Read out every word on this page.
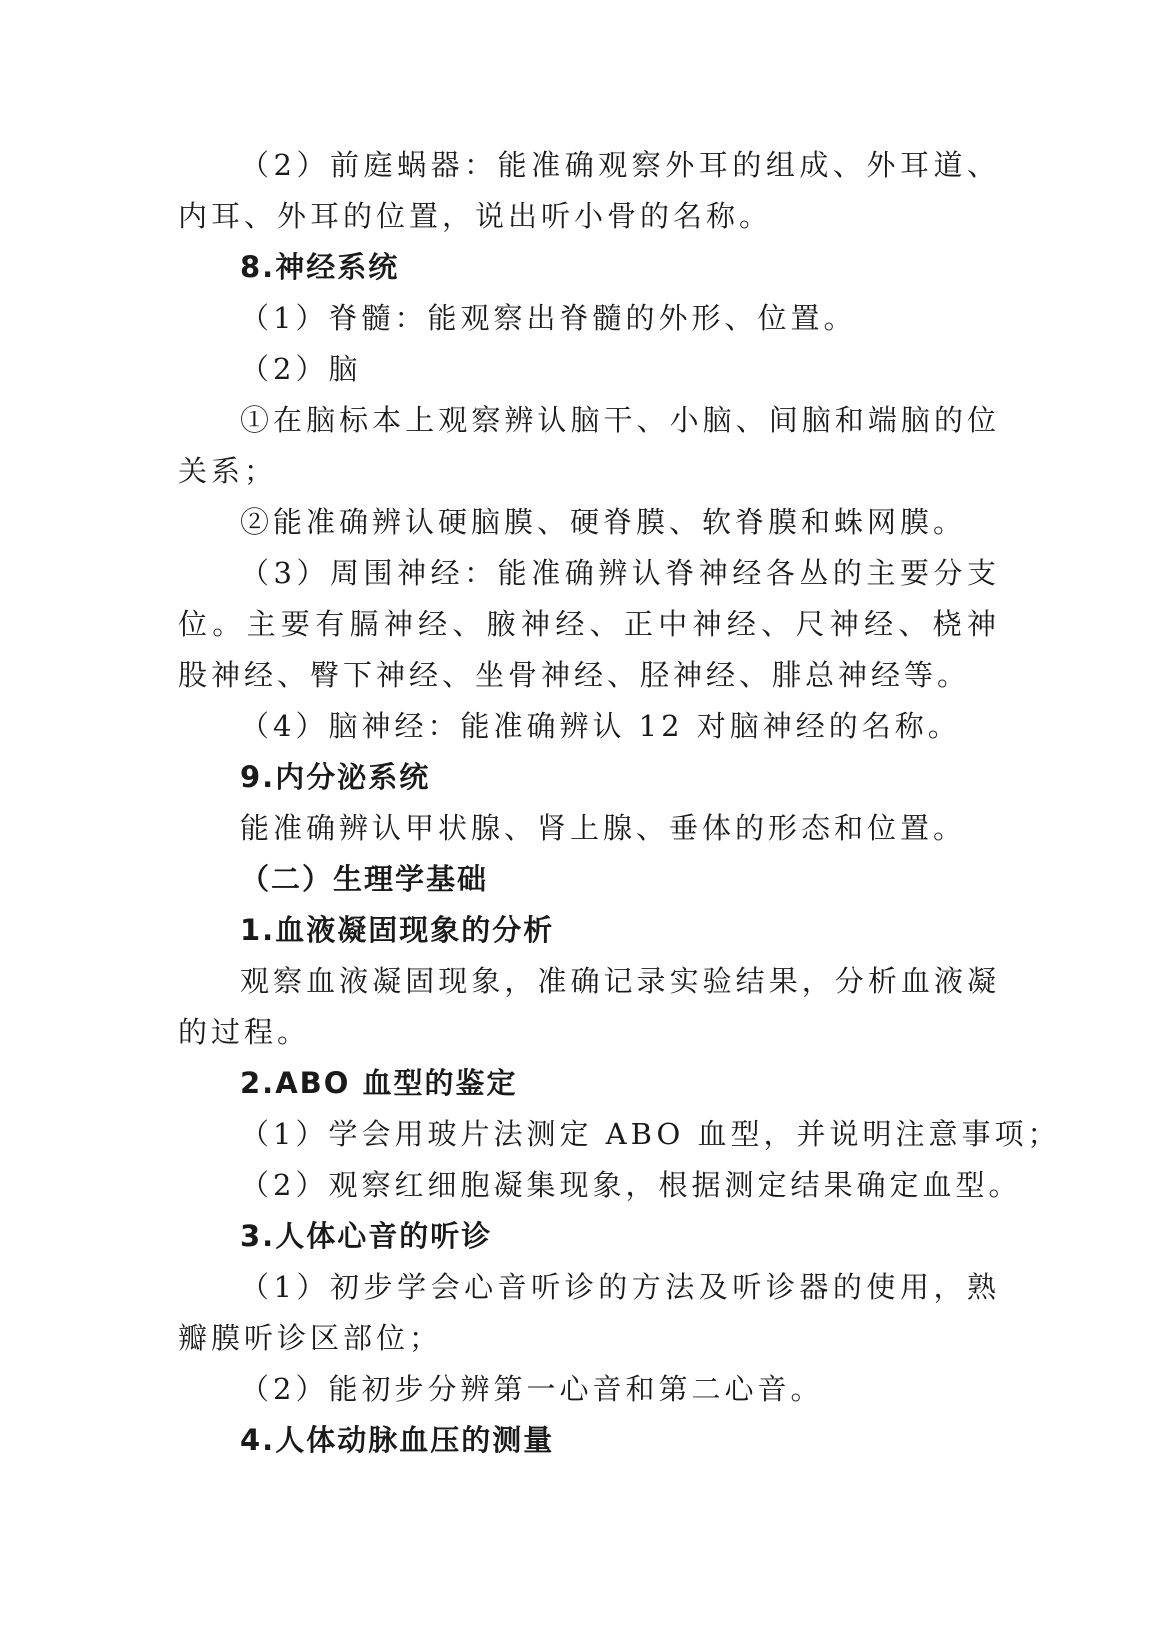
（2）前庭蜗器：能准确观察外耳的组成、外耳道、
内耳、外耳的位置，说出听小骨的名称。
8.神经系统
（1）脊髓：能观察出脊髓的外形、位置。
（2）脑
①在脑标本上观察辨认脑干、小脑、间脑和端脑的位
关系；
②能准确辨认硬脑膜、硬脊膜、软脊膜和蛛网膜。
（3）周围神经：能准确辨认脊神经各丛的主要分支
位。主要有膈神经、腋神经、正中神经、尺神经、桡神
股神经、臀下神经、坐骨神经、胫神经、腓总神经等。
（4）脑神经：能准确辨认 12 对脑神经的名称。
9.内分泌系统
能准确辨认甲状腺、肾上腺、垂体的形态和位置。
（二）生理学基础
1.血液凝固现象的分析
观察血液凝固现象，准确记录实验结果，分析血液凝
的过程。
2.ABO 血型的鉴定
（1）学会用玻片法测定 ABO 血型，并说明注意事项；
（2）观察红细胞凝集现象，根据测定结果确定血型。
3.人体心音的听诊
（1）初步学会心音听诊的方法及听诊器的使用，熟
瓣膜听诊区部位；
（2）能初步分辨第一心音和第二心音。
4.人体动脉血压的测量
